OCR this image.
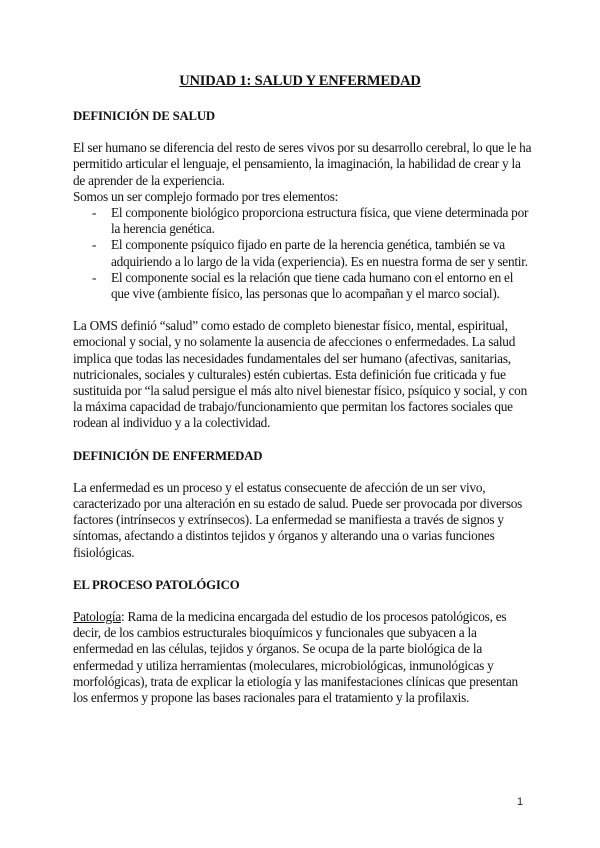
UNIDAD 1: SALUD Y ENFERMEDAD
DEFINICIÓN DE SALUD

El ser humano se diferencia del resto de seres vivos por su desarrollo cerebral, lo que le ha permitido articular el lenguaje, el pensamiento, la imaginación, la habilidad de crear y la de aprender de la experiencia.

Somos un ser complejo formado por tres elementos:

- El componente biológico proporciona estructura física, que viene determinada por la herencia genética.
- El componente psíquico fijado en parte de la herencia genética, también se va adquiriendo a lo largo de la vida (experiencia). Es en nuestra forma de ser y sentir.
- El componente social es la relación que tiene cada humano con el entorno en el que vive (ambiente físico, las personas que lo acompañan y el marco social).

La OMS definió “salud” como estado de completo bienestar físico, mental, espiritual, emocional y social, y no solamente la ausencia de afecciones o enfermedades. La salud implica que todas las necesidades fundamentales del ser humano (afectivas, sanitarias, nutricionales, sociales y culturales) estén cubiertas. Esta definición fue criticada y fue sustituida por “la salud persigue el más alto nivel bienestar físico, psíquico y social, y con la máxima capacidad de trabajo/funcionamiento que permitan los factores sociales que rodean al individuo y a la colectividad.

DEFINICIÓN DE ENFERMEDAD

La enfermedad es un proceso y el estatus consecuente de afección de un ser vivo, caracterizado por una alteración en su estado de salud. Puede ser provocada por diversos factores (intrínsecos y extrínsecos). La enfermedad se manifiesta a través de signos y síntomas, afectando a distintos tejidos y órganos y alterando una o varias funciones fisiológicas.

EL PROCESO PATOLÓGICO

Patología: Rama de la medicina encargada del estudio de los procesos patológicos, es decir, de los cambios estructurales bioquímicos y funcionales que subyacen a la enfermedad en las células, tejidos y órganos. Se ocupa de la parte biológica de la enfermedad y utiliza herramientas (moleculares, microbiológicas, inmunológicas y morfológicas), trata de explicar la etiología y las manifestaciones clínicas que presentan los enfermos y propone las bases racionales para el tratamiento y la profilaxis.

1
